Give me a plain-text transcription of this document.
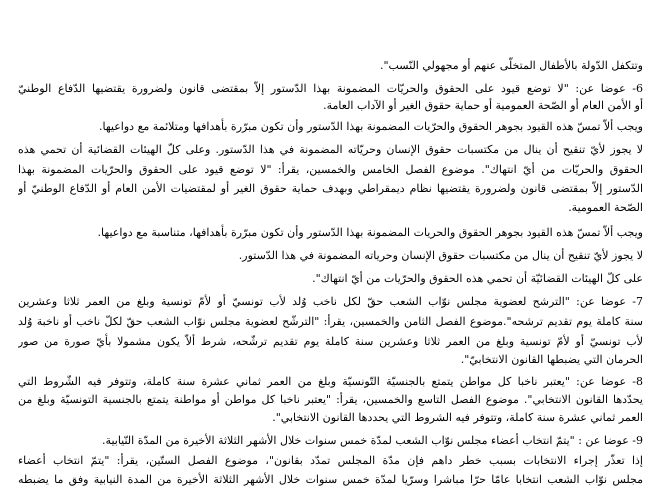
وتتكفل الدّولة بالأطفال المتخلّى عنهم أو مجهولي النّسب".
6- عوضا عن: "لا توضع قيود على الحقوق والحريّات المضمونة بهذا الدّستور إلاّ بمقتضى قانون ولضرورة يقتضيها الدّفاع الوطنيّ
أو الأمن العام أو الصّحة العمومية أو حماية حقوق الغير أو الآداب العامة.
ويجب ألاّ تمسّ هذه القيود بجوهر الحقوق والحرّيات المضمونة بهذا الدّستور وأن تكون مبرّرة بأهدافها ومتلائمة مع دواعيها.
لا يجوز لأيّ تنقيح أن ينال من مكتسبات حقوق الإنسان وحريّاته المضمونة في هذا الدّستور. وعلى كلّ الهيئات القضائية أن تحمي هذه
الحقوق والحريّات من أيّ انتهاك". موضوع الفصل الخامس والخمسين، يقرأ: "لا توضع قيود على الحقوق والحرّيات المضمونة بهذا
الدّستور إلاّ بمقتضى قانون ولضرورة يقتضيها نظام ديمقراطي وبهدف حماية حقوق الغير أو لمقتضيات الأمن العام أو الدّفاع الوطنيّ أو
الصّحة العمومية.
ويجب ألاّ تمسّ هذه القيود بجوهر الحقوق والحريات المضمونة بهذا الدّستور وأن تكون مبرّرة بأهدافها، متناسبة مع دواعيها.
لا يجوز لأيّ تنقيح أن ينال من مكتسبات حقوق الإنسان وحرياته المضمونة في هذا الدّستور.
على كلّ الهيئات القضائيّة أن تحمي هذه الحقوق والحرّيات من أيّ انتهاك".
7- عوضا عن: "الترشح لعضوية مجلس نوّاب الشعب حقّ لكل ناخب وُلد لأب تونسيّ أو لأمّ تونسية وبلغ من العمر ثلاثا وعشرين
سنة كاملة يوم تقديم ترشحه".موضوع الفصل الثامن والخمسين، يقرأ: "الترشّح لعضوية مجلس نوّاب الشعب حقّ لكلّ ناخب أو ناخبة وُلد
لأب تونسيّ أو لأمّ تونسية وبلغ من العمر ثلاثا وعشرين سنة كاملة يوم تقديم ترشّحه، شرط ألاّ يكون مشمولا بأيّ صورة من صور
الحرمان التي يضبطها القانون الانتخابيّ".
8- عوضا عن: "يعتبر ناخبا كل مواطن يتمتع بالجنسيّة التّونسيّة وبلغ من العمر ثماني عشرة سنة كاملة، وتتوفر فيه الشّروط التي
يحدّدها القانون الانتخابي". موضوع الفصل التاسع والخمسين، يقرأ: "يعتبر ناخبا كل مواطن أو مواطنة يتمتع بالجنسية التونسيّة وبلغ من
العمر ثماني عشرة سنة كاملة، وتتوفر فيه الشروط التي يحددها القانون الانتخابي".
9- عوضا عن : "يتمّ انتخاب أعضاء مجلس نوّاب الشعب لمدّة خمس سنوات خلال الأشهر الثلاثة الأخيرة من المدّة النّيابية.
إذا تعذّر إجراء الانتخابات بسبب خطر داهم فإن مدّة المجلس تمدّد بقانون"، موضوع الفصل الستّين، يقرأ: "يتمّ انتخاب أعضاء
مجلس نوّاب الشعب انتخابا عامّا حرّا مباشرا وسرّيا لمدّة خمس سنوات خلال الأشهر الثلاثة الأخيرة من المدة النيابية وفق ما يضبطه
